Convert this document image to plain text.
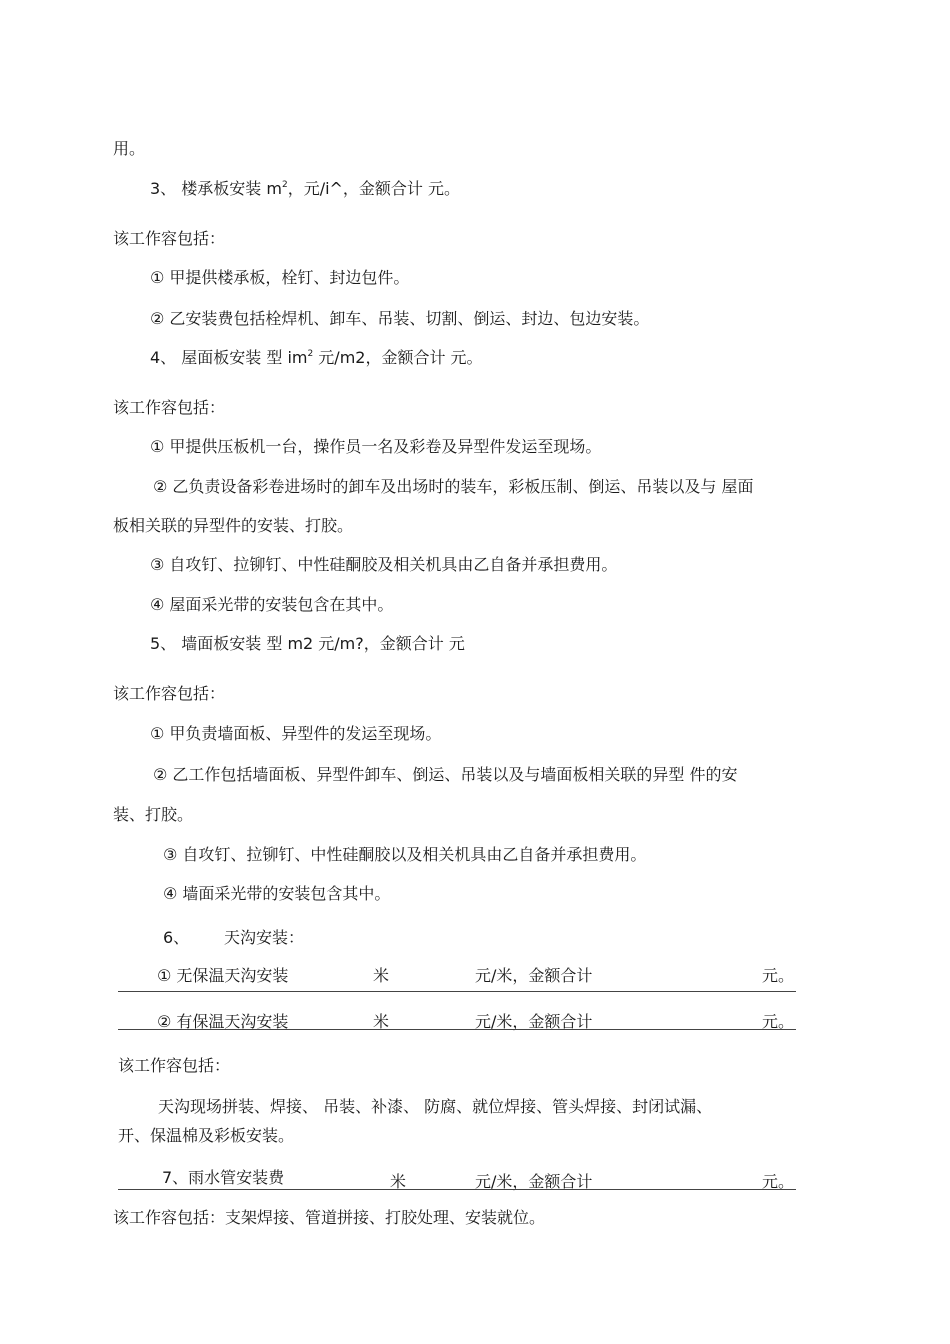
用。
3、 楼承板安装 $m^2$，元/i^，金额合计 元。
该工作容包括：
① 甲提供楼承板，栓钉、封边包件。
② 乙安装费包括栓焊机、卸车、吊装、切割、倒运、封边、包边安装。
4、 屋面板安装 型 $im^2$ 元/m2，金额合计 元。
该工作容包括：
① 甲提供压板机一台，操作员一名及彩卷及异型件发运至现场。
② 乙负责设备彩卷进场时的卸车及出场时的装车，彩板压制、倒运、吊装以及与 屋面
板相关联的异型件的安装、打胶。
③ 自攻钉、拉铆钉、中性硅酮胶及相关机具由乙自备并承担费用。
④ 屋面采光带的安装包含在其中。
5、 墙面板安装 型 m2 元/m?，金额合计 元
该工作容包括：
① 甲负责墙面板、异型件的发运至现场。
② 乙工作包括墙面板、异型件卸车、倒运、吊装以及与墙面板相关联的异型 件的安
装、打胶。
③ 自攻钉、拉铆钉、中性硅酮胶以及相关机具由乙自备并承担费用。
④ 墙面采光带的安装包含其中。
6、 天沟安装：
① 无保温天沟安装	米	元/米，金额合计	元。
② 有保温天沟安装	米	元/米，金额合计	元。
该工作容包括：
天沟现场拼装、焊接、 吊装、补漆、 防腐、就位焊接、管头焊接、封闭试漏、
开、保温棉及彩板安装。
7、雨水管安装费	米	元/米，金额合计	元。
该工作容包括：支架焊接、管道拼接、打胶处理、安装就位。
